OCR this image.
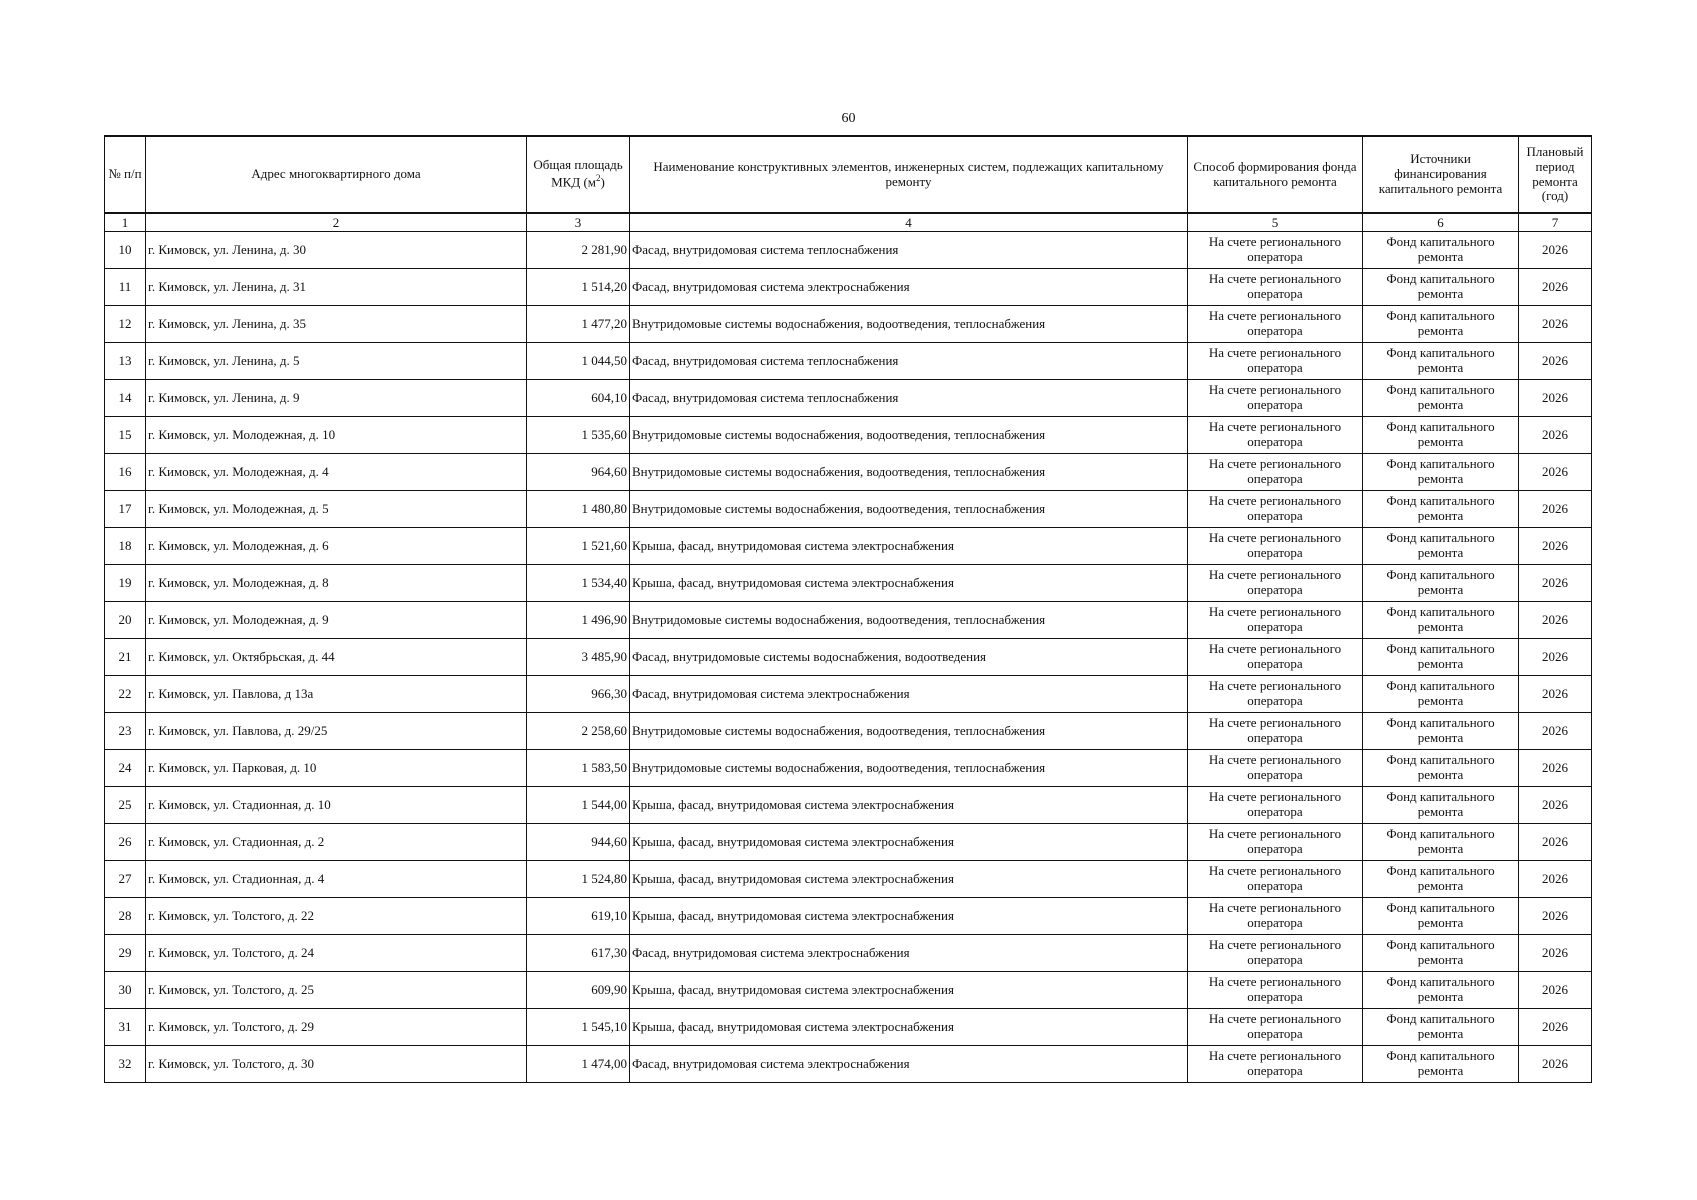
60
№ п/п	Адрес многоквартирного дома	Общая площадь МКД $(м^2)$	Наименование конструктивных элементов, инженерных систем, подлежащих капитальному ремонту	Способ формирования фонда капитального ремонта	Источники финансирования капитального ремонта	Плановый период ремонта (год)
1	2	3	4	5	6	7
10	г. Кимовск, ул. Ленина, д. 30	2 281,90	Фасад, внутридомовая система теплоснабжения	На счете регионального оператора	Фонд капитального ремонта	2026
11	г. Кимовск, ул. Ленина, д. 31	1 514,20	Фасад, внутридомовая система электроснабжения	На счете регионального оператора	Фонд капитального ремонта	2026
12	г. Кимовск, ул. Ленина, д. 35	1 477,20	Внутридомовые системы водоснабжения, водоотведения, теплоснабжения	На счете регионального оператора	Фонд капитального ремонта	2026
13	г. Кимовск, ул. Ленина, д. 5	1 044,50	Фасад, внутридомовая система теплоснабжения	На счете регионального оператора	Фонд капитального ремонта	2026
14	г. Кимовск, ул. Ленина, д. 9	604,10	Фасад, внутридомовая система теплоснабжения	На счете регионального оператора	Фонд капитального ремонта	2026
15	г. Кимовск, ул. Молодежная, д. 10	1 535,60	Внутридомовые системы водоснабжения, водоотведения, теплоснабжения	На счете регионального оператора	Фонд капитального ремонта	2026
16	г. Кимовск, ул. Молодежная, д. 4	964,60	Внутридомовые системы водоснабжения, водоотведения, теплоснабжения	На счете регионального оператора	Фонд капитального ремонта	2026
17	г. Кимовск, ул. Молодежная, д. 5	1 480,80	Внутридомовые системы водоснабжения, водоотведения, теплоснабжения	На счете регионального оператора	Фонд капитального ремонта	2026
18	г. Кимовск, ул. Молодежная, д. 6	1 521,60	Крыша, фасад, внутридомовая система электроснабжения	На счете регионального оператора	Фонд капитального ремонта	2026
19	г. Кимовск, ул. Молодежная, д. 8	1 534,40	Крыша, фасад, внутридомовая система электроснабжения	На счете регионального оператора	Фонд капитального ремонта	2026
20	г. Кимовск, ул. Молодежная, д. 9	1 496,90	Внутридомовые системы водоснабжения, водоотведения, теплоснабжения	На счете регионального оператора	Фонд капитального ремонта	2026
21	г. Кимовск, ул. Октябрьская, д. 44	3 485,90	Фасад, внутридомовые системы водоснабжения, водоотведения	На счете регионального оператора	Фонд капитального ремонта	2026
22	г. Кимовск, ул. Павлова, д 13а	966,30	Фасад, внутридомовая система электроснабжения	На счете регионального оператора	Фонд капитального ремонта	2026
23	г. Кимовск, ул. Павлова, д. 29/25	2 258,60	Внутридомовые системы водоснабжения, водоотведения, теплоснабжения	На счете регионального оператора	Фонд капитального ремонта	2026
24	г. Кимовск, ул. Парковая, д. 10	1 583,50	Внутридомовые системы водоснабжения, водоотведения, теплоснабжения	На счете регионального оператора	Фонд капитального ремонта	2026
25	г. Кимовск, ул. Стадионная, д. 10	1 544,00	Крыша, фасад, внутридомовая система электроснабжения	На счете регионального оператора	Фонд капитального ремонта	2026
26	г. Кимовск, ул. Стадионная, д. 2	944,60	Крыша, фасад, внутридомовая система электроснабжения	На счете регионального оператора	Фонд капитального ремонта	2026
27	г. Кимовск, ул. Стадионная, д. 4	1 524,80	Крыша, фасад, внутридомовая система электроснабжения	На счете регионального оператора	Фонд капитального ремонта	2026
28	г. Кимовск, ул. Толстого, д. 22	619,10	Крыша, фасад, внутридомовая система электроснабжения	На счете регионального оператора	Фонд капитального ремонта	2026
29	г. Кимовск, ул. Толстого, д. 24	617,30	Фасад, внутридомовая система электроснабжения	На счете регионального оператора	Фонд капитального ремонта	2026
30	г. Кимовск, ул. Толстого, д. 25	609,90	Крыша, фасад, внутридомовая система электроснабжения	На счете регионального оператора	Фонд капитального ремонта	2026
31	г. Кимовск, ул. Толстого, д. 29	1 545,10	Крыша, фасад, внутридомовая система электроснабжения	На счете регионального оператора	Фонд капитального ремонта	2026
32	г. Кимовск, ул. Толстого, д. 30	1 474,00	Фасад, внутридомовая система электроснабжения	На счете регионального оператора	Фонд капитального ремонта	2026
